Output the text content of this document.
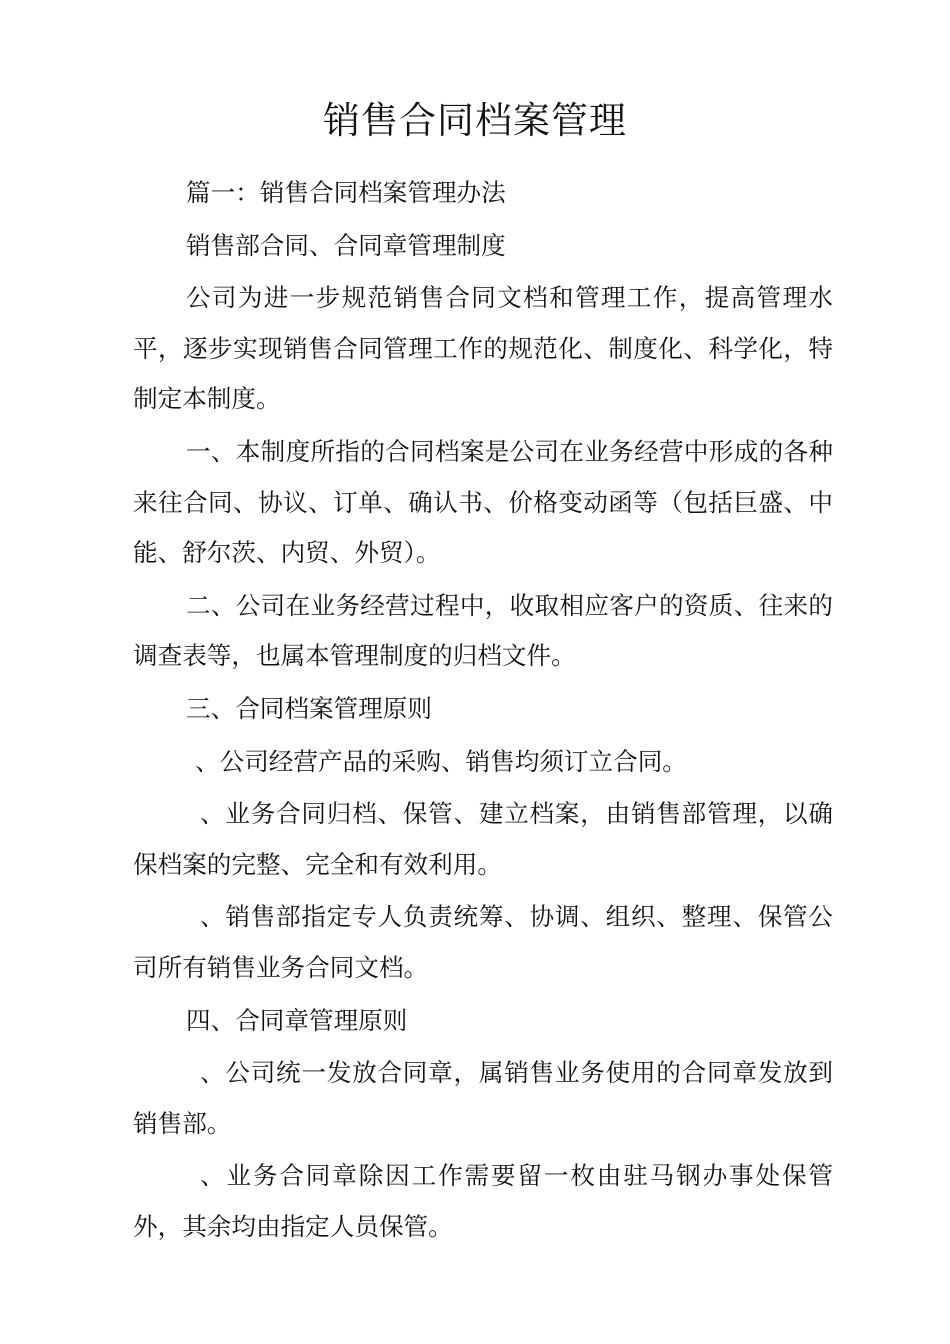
销售合同档案管理

篇一：销售合同档案管理办法

销售部合同、合同章管理制度

公司为进一步规范销售合同文档和管理工作，提高管理水平，逐步实现销售合同管理工作的规范化、制度化、科学化，特制定本制度。

一、本制度所指的合同档案是公司在业务经营中形成的各种来往合同、协议、订单、确认书、价格变动函等（包括巨盛、中能、舒尔茨、内贸、外贸）。

二、公司在业务经营过程中，收取相应客户的资质、往来的调查表等，也属本管理制度的归档文件。

三、合同档案管理原则

、公司经营产品的采购、销售均须订立合同。

、业务合同归档、保管、建立档案，由销售部管理，以确保档案的完整、完全和有效利用。

、销售部指定专人负责统筹、协调、组织、整理、保管公司所有销售业务合同文档。

四、合同章管理原则

、公司统一发放合同章，属销售业务使用的合同章发放到销售部。

、业务合同章除因工作需要留一枚由驻马钢办事处保管外，其余均由指定人员保管。
